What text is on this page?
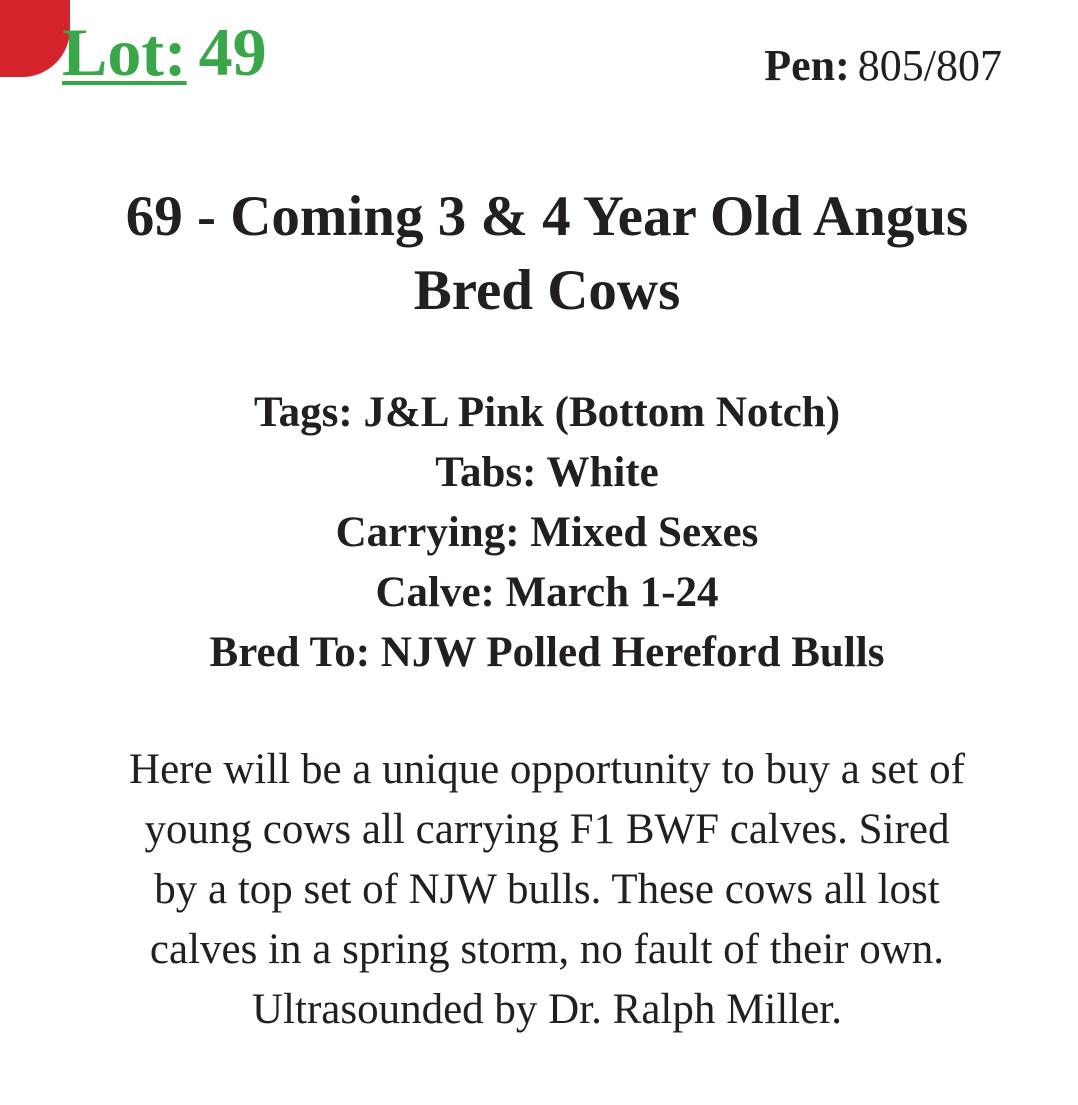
Lot: 49	Pen: 805/807
69 - Coming 3 & 4 Year Old Angus
Bred Cows
Tags: J&L Pink (Bottom Notch)
Tabs: White
Carrying: Mixed Sexes
Calve: March 1-24
Bred To: NJW Polled Hereford Bulls
Here will be a unique opportunity to buy a set of
young cows all carrying F1 BWF calves. Sired
by a top set of NJW bulls. These cows all lost
calves in a spring storm, no fault of their own.
Ultrasounded by Dr. Ralph Miller.
